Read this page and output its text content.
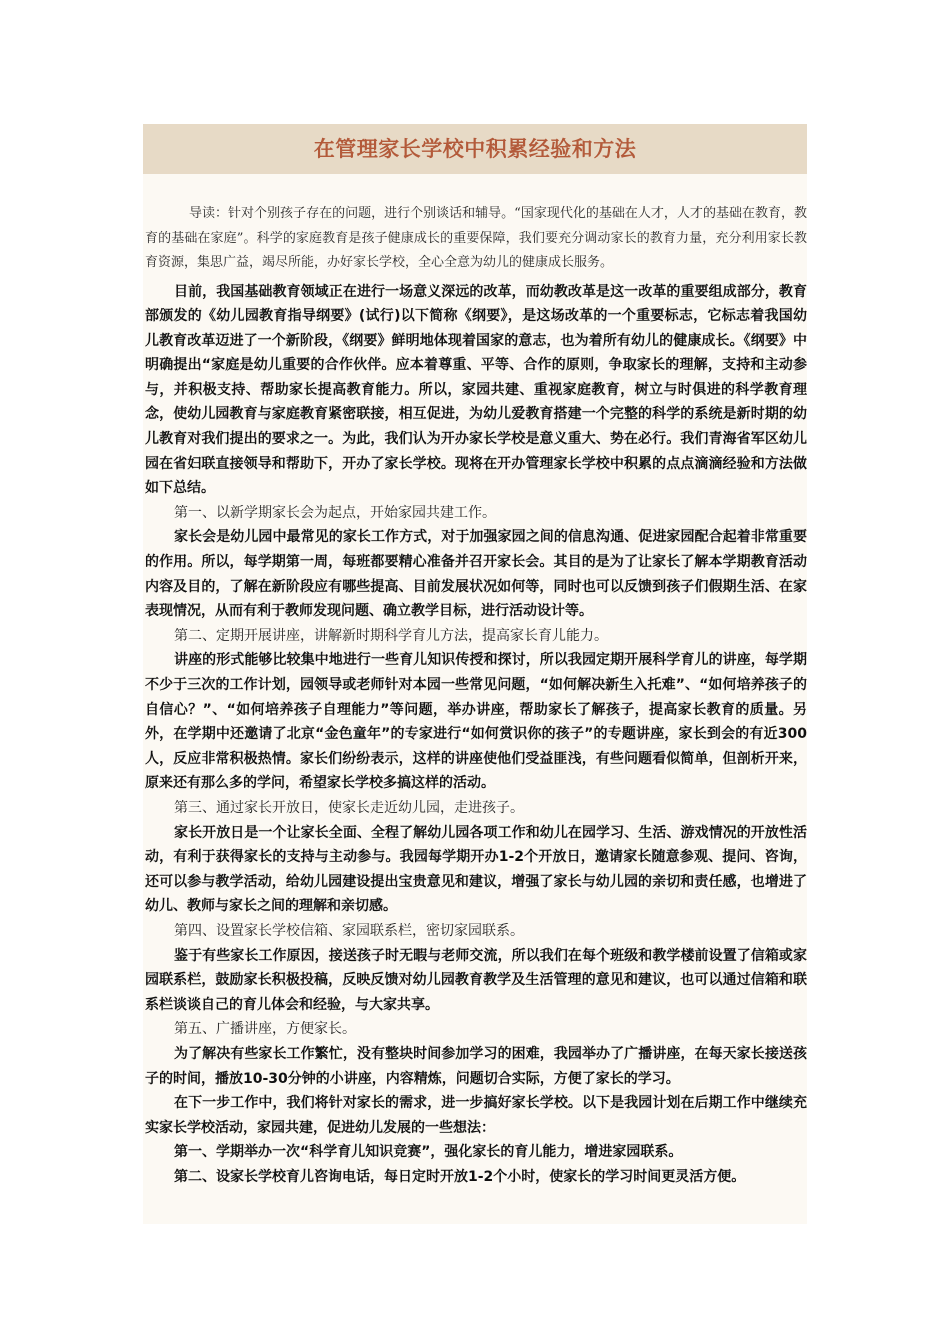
在管理家长学校中积累经验和方法

导读：针对个别孩子存在的问题，进行个别谈话和辅导。“国家现代化的基础在人才，人才的基础在教育，教育的基础在家庭”。科学的家庭教育是孩子健康成长的重要保障，我们要充分调动家长的教育力量，充分利用家长教育资源，集思广益，竭尽所能，办好家长学校，全心全意为幼儿的健康成长服务。

目前，我国基础教育领域正在进行一场意义深远的改革，而幼教改革是这一改革的重要组成部分，教育部颁发的《幼儿园教育指导纲要》(试行)以下简称《纲要》，是这场改革的一个重要标志，它标志着我国幼儿教育改革迈进了一个新阶段，《纲要》鲜明地体现着国家的意志，也为着所有幼儿的健康成长。《纲要》中明确提出“家庭是幼儿重要的合作伙伴。应本着尊重、平等、合作的原则，争取家长的理解，支持和主动参与，并积极支持、帮助家长提高教育能力。所以，家园共建、重视家庭教育，树立与时俱进的科学教育理念，使幼儿园教育与家庭教育紧密联接，相互促进，为幼儿爱教育搭建一个完整的科学的系统是新时期的幼儿教育对我们提出的要求之一。为此，我们认为开办家长学校是意义重大、势在必行。我们青海省军区幼儿园在省妇联直接领导和帮助下，开办了家长学校。现将在开办管理家长学校中积累的点点滴滴经验和方法做如下总结。

第一、以新学期家长会为起点，开始家园共建工作。

家长会是幼儿园中最常见的家长工作方式，对于加强家园之间的信息沟通、促进家园配合起着非常重要的作用。所以，每学期第一周，每班都要精心准备并召开家长会。其目的是为了让家长了解本学期教育活动内容及目的，了解在新阶段应有哪些提高、目前发展状况如何等，同时也可以反馈到孩子们假期生活、在家表现情况，从而有利于教师发现问题、确立教学目标，进行活动设计等。

第二、定期开展讲座，讲解新时期科学育儿方法，提高家长育儿能力。

讲座的形式能够比较集中地进行一些育儿知识传授和探讨，所以我园定期开展科学育儿的讲座，每学期不少于三次的工作计划，园领导或老师针对本园一些常见问题，“如何解决新生入托难”、“如何培养孩子的自信心？”、“如何培养孩子自理能力”等问题，举办讲座，帮助家长了解孩子，提高家长教育的质量。另外，在学期中还邀请了北京“金色童年”的专家进行“如何赏识你的孩子”的专题讲座，家长到会的有近300人，反应非常积极热情。家长们纷纷表示，这样的讲座使他们受益匪浅，有些问题看似简单，但剖析开来，原来还有那么多的学问，希望家长学校多搞这样的活动。

第三、通过家长开放日，使家长走近幼儿园，走进孩子。

家长开放日是一个让家长全面、全程了解幼儿园各项工作和幼儿在园学习、生活、游戏情况的开放性活动，有利于获得家长的支持与主动参与。我园每学期开办1-2个开放日，邀请家长随意参观、提问、咨询，还可以参与教学活动，给幼儿园建设提出宝贵意见和建议，增强了家长与幼儿园的亲切和责任感，也增进了幼儿、教师与家长之间的理解和亲切感。

第四、设置家长学校信箱、家园联系栏，密切家园联系。

鉴于有些家长工作原因，接送孩子时无暇与老师交流，所以我们在每个班级和教学楼前设置了信箱或家园联系栏，鼓励家长积极投稿，反映反馈对幼儿园教育教学及生活管理的意见和建议，也可以通过信箱和联系栏谈谈自己的育儿体会和经验，与大家共享。

第五、广播讲座，方便家长。

为了解决有些家长工作繁忙，没有整块时间参加学习的困难，我园举办了广播讲座，在每天家长接送孩子的时间，播放10-30分钟的小讲座，内容精炼，问题切合实际，方便了家长的学习。

在下一步工作中，我们将针对家长的需求，进一步搞好家长学校。以下是我园计划在后期工作中继续充实家长学校活动，家园共建，促进幼儿发展的一些想法：

第一、学期举办一次“科学育儿知识竞赛”，强化家长的育儿能力，增进家园联系。

第二、设家长学校育儿咨询电话，每日定时开放1-2个小时，使家长的学习时间更灵活方便。
